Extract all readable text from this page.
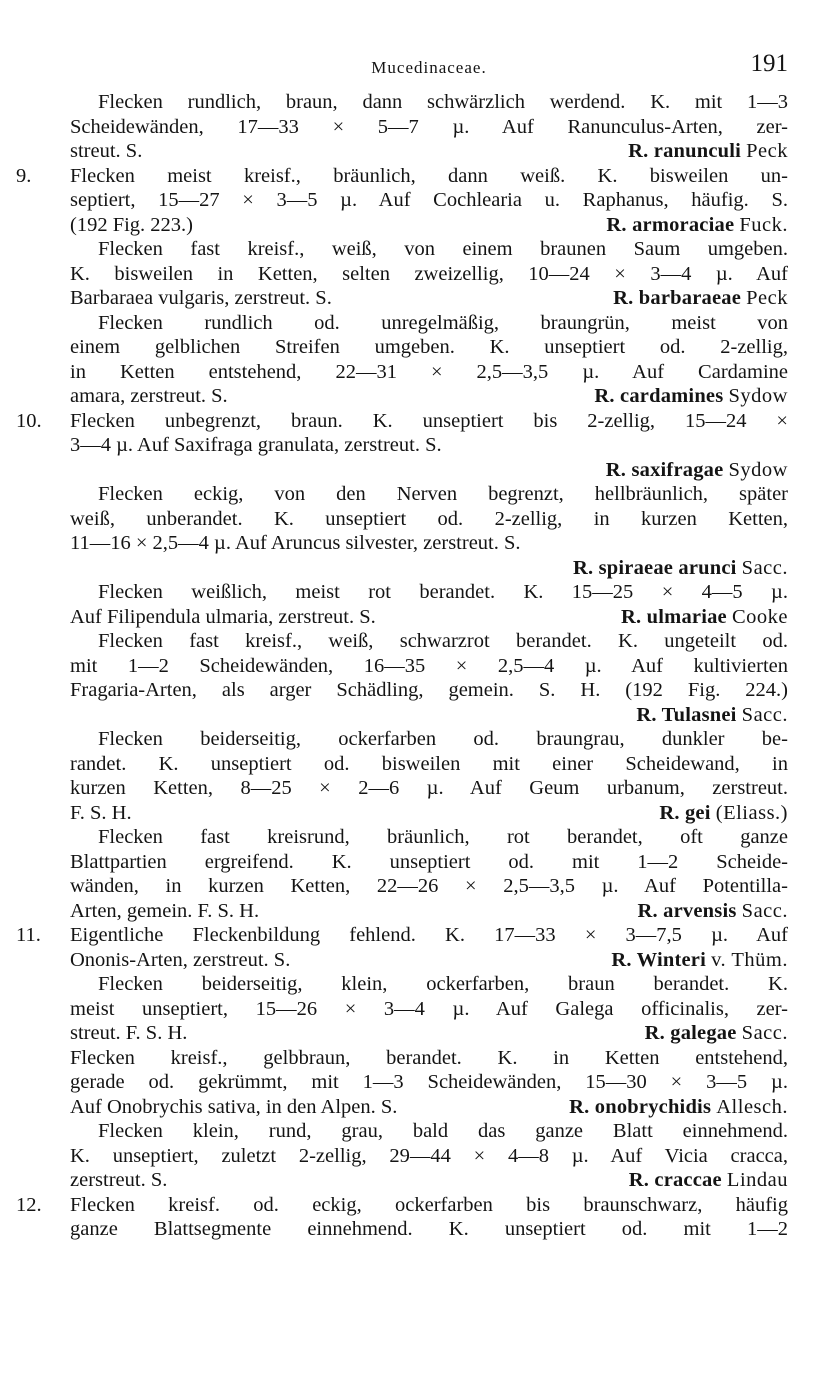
Mucedinaceae.	191
Flecken rundlich, braun, dann schwärzlich werdend. K. mit 1—3
Scheidewänden, 17—33 × 5—7 µ. Auf Ranunculus-Arten, zer-
streut. S.	R. ranunculi Peck
9.	Flecken meist kreisf., bräunlich, dann weiß. K. bisweilen un-
septiert, 15—27 × 3—5 µ. Auf Cochlearia u. Raphanus, häufig. S.
(192 Fig. 223.)	R. armoraciae Fuck.
Flecken fast kreisf., weiß, von einem braunen Saum umgeben.
K. bisweilen in Ketten, selten zweizellig, 10—24 × 3—4 µ. Auf
Barbaraea vulgaris, zerstreut. S.	R. barbaraeae Peck
Flecken rundlich od. unregelmäßig, braungrün, meist von
einem gelblichen Streifen umgeben. K. unseptiert od. 2-zellig,
in Ketten entstehend, 22—31 × 2,5—3,5 µ. Auf Cardamine
amara, zerstreut. S.	R. cardamines Sydow
10.	Flecken unbegrenzt, braun. K. unseptiert bis 2-zellig, 15—24 ×
3—4 µ. Auf Saxifraga granulata, zerstreut. S.
R. saxifragae Sydow
Flecken eckig, von den Nerven begrenzt, hellbräunlich, später
weiß, unberandet. K. unseptiert od. 2-zellig, in kurzen Ketten,
11—16 × 2,5—4 µ. Auf Aruncus silvester, zerstreut. S.
R. spiraeae arunci Sacc.
Flecken weißlich, meist rot berandet. K. 15—25 × 4—5 µ.
Auf Filipendula ulmaria, zerstreut. S.	R. ulmariae Cooke
Flecken fast kreisf., weiß, schwarzrot berandet. K. ungeteilt od.
mit 1—2 Scheidewänden, 16—35 × 2,5—4 µ. Auf kultivierten
Fragaria-Arten, als arger Schädling, gemein. S. H. (192 Fig. 224.)
R. Tulasnei Sacc.
Flecken beiderseitig, ockerfarben od. braungrau, dunkler be-
randet. K. unseptiert od. bisweilen mit einer Scheidewand, in
kurzen Ketten, 8—25 × 2—6 µ. Auf Geum urbanum, zerstreut.
F. S. H.	R. gei (Eliass.)
Flecken fast kreisrund, bräunlich, rot berandet, oft ganze
Blattpartien ergreifend. K. unseptiert od. mit 1—2 Scheide-
wänden, in kurzen Ketten, 22—26 × 2,5—3,5 µ. Auf Potentilla-
Arten, gemein. F. S. H.	R. arvensis Sacc.
11.	Eigentliche Fleckenbildung fehlend. K. 17—33 × 3—7,5 µ. Auf
Ononis-Arten, zerstreut. S.	R. Winteri v. Thüm.
Flecken beiderseitig, klein, ockerfarben, braun berandet. K.
meist unseptiert, 15—26 × 3—4 µ. Auf Galega officinalis, zer-
streut. F. S. H.	R. galegae Sacc.
Flecken kreisf., gelbbraun, berandet. K. in Ketten entstehend,
gerade od. gekrümmt, mit 1—3 Scheidewänden, 15—30 × 3—5 µ.
Auf Onobrychis sativa, in den Alpen. S.	R. onobrychidis Allesch.
Flecken klein, rund, grau, bald das ganze Blatt einnehmend.
K. unseptiert, zuletzt 2-zellig, 29—44 × 4—8 µ. Auf Vicia cracca,
zerstreut. S.	R. craccae Lindau
12.	Flecken kreisf. od. eckig, ockerfarben bis braunschwarz, häufig
ganze Blattsegmente einnehmend. K. unseptiert od. mit 1—2
